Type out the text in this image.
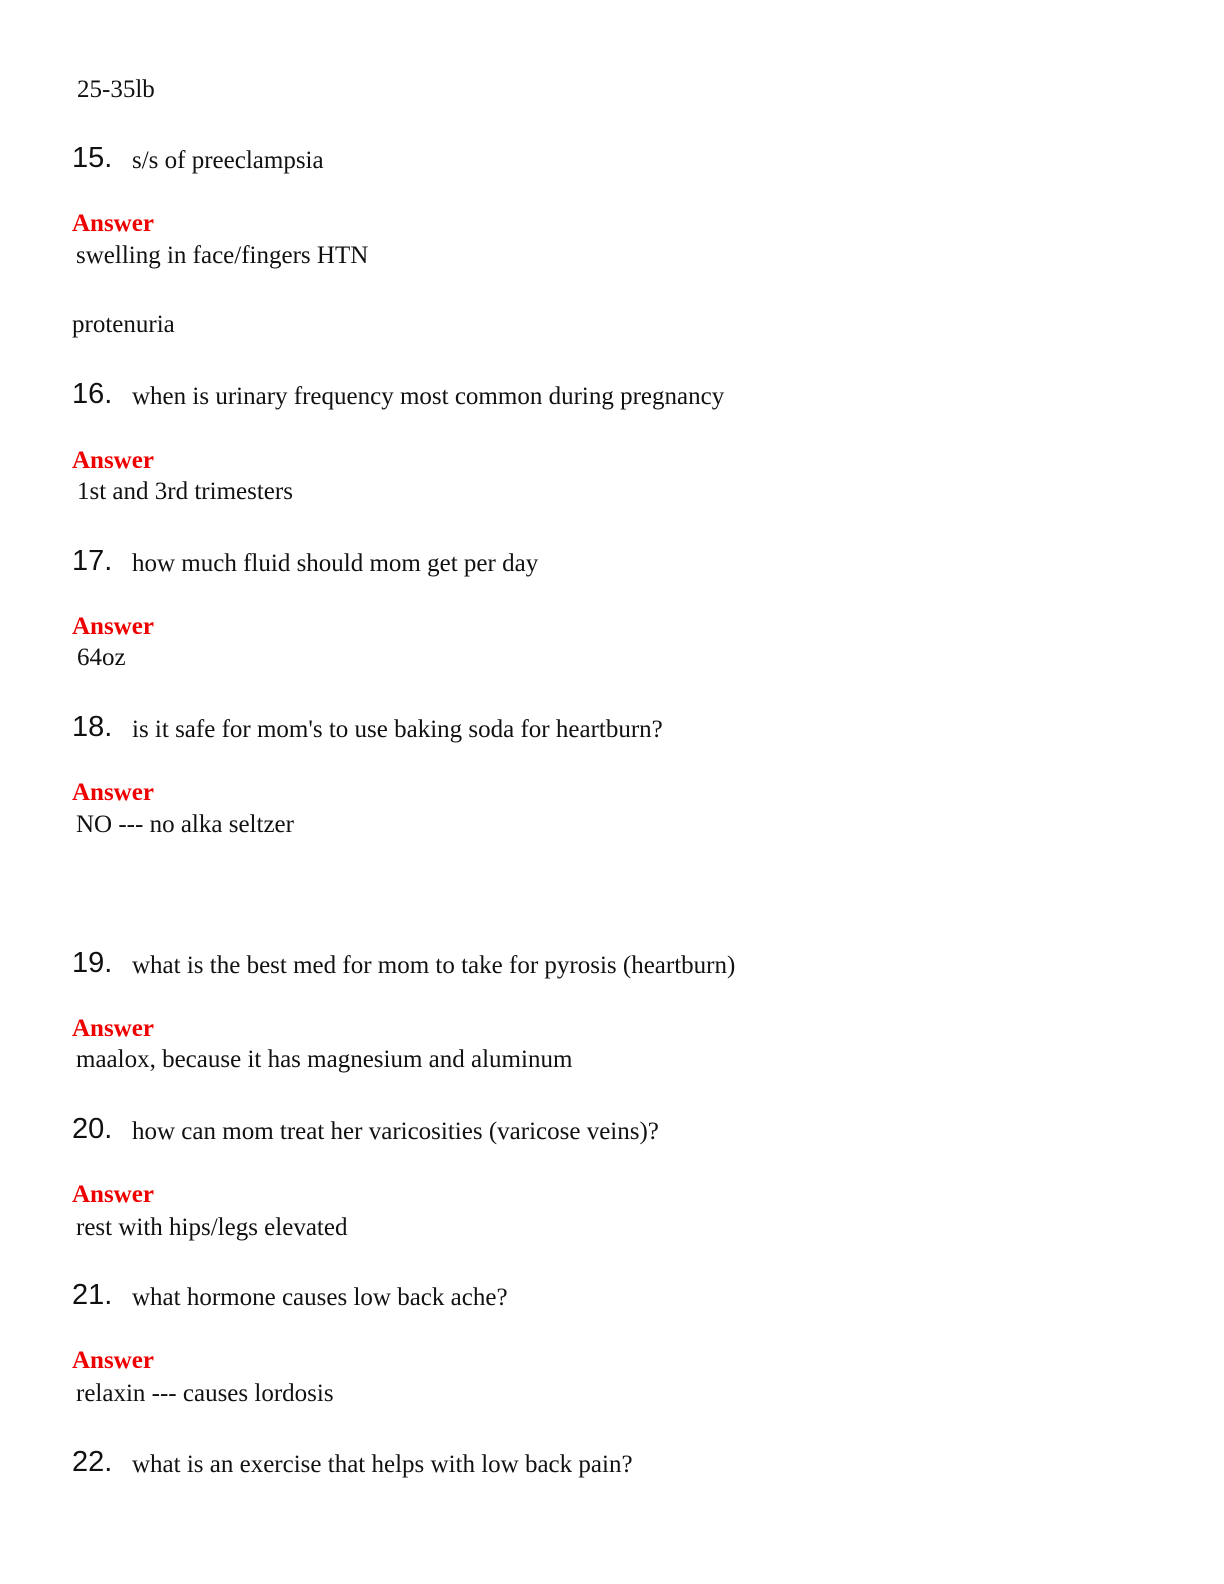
25-35lb
15. s/s of preeclampsia
Answer
swelling in face/fingers HTN
protenuria
16. when is urinary frequency most common during pregnancy
Answer
1st and 3rd trimesters
17. how much fluid should mom get per day
Answer
64oz
18. is it safe for mom's to use baking soda for heartburn?
Answer
NO --- no alka seltzer
19. what is the best med for mom to take for pyrosis (heartburn)
Answer
maalox, because it has magnesium and aluminum
20. how can mom treat her varicosities (varicose veins)?
Answer
rest with hips/legs elevated
21. what hormone causes low back ache?
Answer
relaxin --- causes lordosis
22. what is an exercise that helps with low back pain?
